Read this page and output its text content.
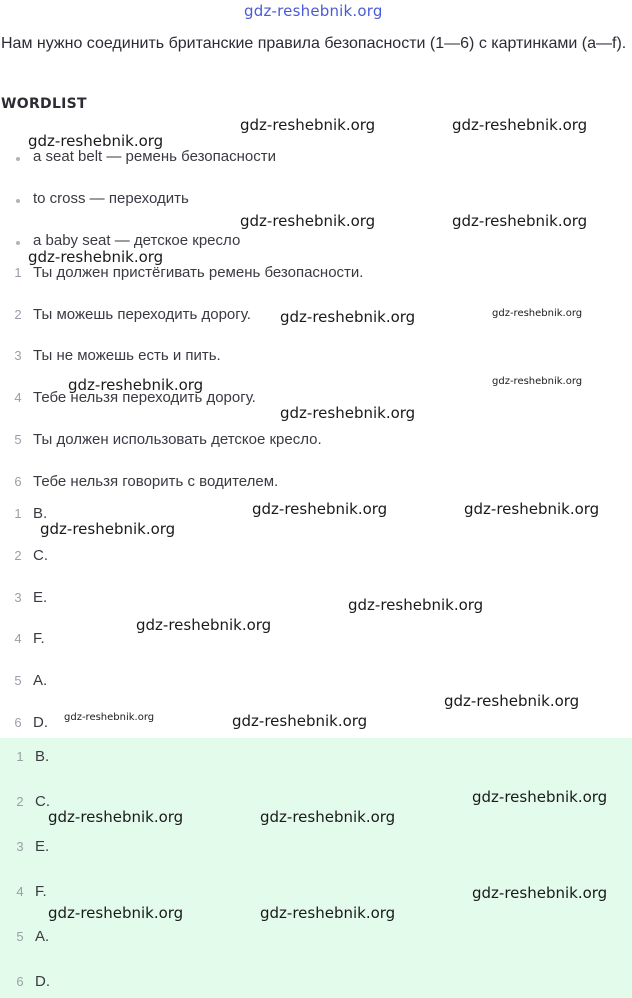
gdz-reshebnik.org
Нам нужно соединить британские правила безопасности (1—6) с картинками (a—f).
WORDLIST
a seat belt — ремень безопасности
to cross — переходить
a baby seat — детское кресло
1 Ты должен пристёгивать ремень безопасности.
2 Ты можешь переходить дорогу.
3 Ты не можешь есть и пить.
4 Тебе нельзя переходить дорогу.
5 Ты должен использовать детское кресло.
6 Тебе нельзя говорить с водителем.
1 B.
2 C.
3 E.
4 F.
5 A.
6 D.
1 B.
2 C.
3 E.
4 F.
5 A.
6 D.
gdz-reshebnik.org	gdz-reshebnik.org
gdz-reshebnik.org
gdz-reshebnik.org	gdz-reshebnik.org
gdz-reshebnik.org
gdz-reshebnik.org	gdz-reshebnik.org
gdz-reshebnik.org	gdz-reshebnik.org
gdz-reshebnik.org
gdz-reshebnik.org	gdz-reshebnik.org
gdz-reshebnik.org
gdz-reshebnik.org
gdz-reshebnik.org
gdz-reshebnik.org
gdz-reshebnik.org	gdz-reshebnik.org
gdz-reshebnik.org
gdz-reshebnik.org	gdz-reshebnik.org
gdz-reshebnik.org
gdz-reshebnik.org	gdz-reshebnik.org
